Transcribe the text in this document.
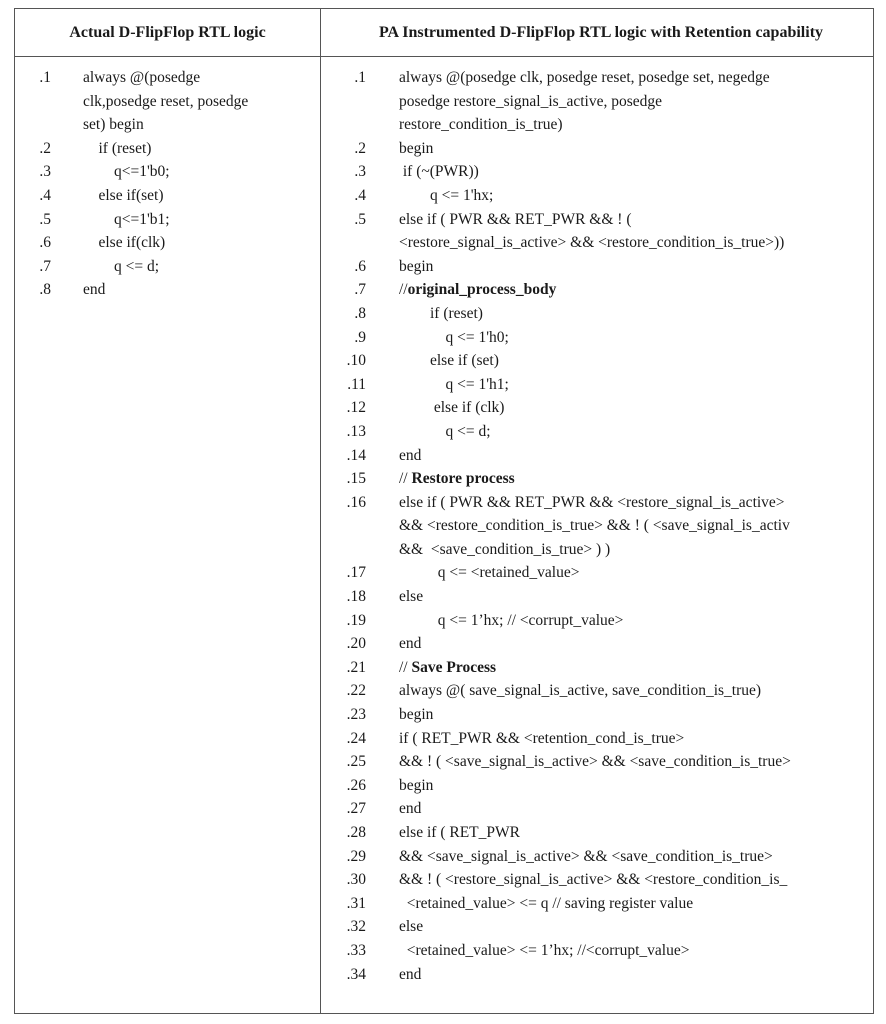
Actual D-FlipFlop RTL logic	PA Instrumented D-FlipFlop RTL logic with Retention capability
1. always @(posedge
clk,posedge reset, posedge
set) begin
2. if (reset)
3. q<=1'b0;
4. else if(set)
5. q<=1'b1;
6. else if(clk)
7. q <= d;
8. end
1. always @(posedge clk, posedge reset, posedge set, negedge
posedge restore_signal_is_active, posedge
restore_condition_is_true)
2. begin
3. if (~(PWR))
4. q <= 1'hx;
5. else if ( PWR && RET_PWR && ! (
<restore_signal_is_active> && <restore_condition_is_true>))
6. begin
7. //original_process_body
8. if (reset)
9. q <= 1'h0;
10. else if (set)
11. q <= 1'h1;
12. else if (clk)
13. q <= d;
14. end
15. // Restore process
16. else if ( PWR && RET_PWR && <restore_signal_is_active>
&& <restore_condition_is_true> && ! ( <save_signal_is_activ
&&  <save_condition_is_true> ) )
17. q <= <retained_value>
18. else
19. q <= 1’hx; // <corrupt_value>
20. end
21. // Save Process
22. always @( save_signal_is_active, save_condition_is_true)
23. begin
24. if ( RET_PWR && <retention_cond_is_true>
25. && ! ( <save_signal_is_active> && <save_condition_is_true>
26. begin
27. end
28. else if ( RET_PWR
29. && <save_signal_is_active> && <save_condition_is_true>
30. && ! ( <restore_signal_is_active> && <restore_condition_is_
31. <retained_value> <= q // saving register value
32. else
33. <retained_value> <= 1’hx; //<corrupt_value>
34. end
